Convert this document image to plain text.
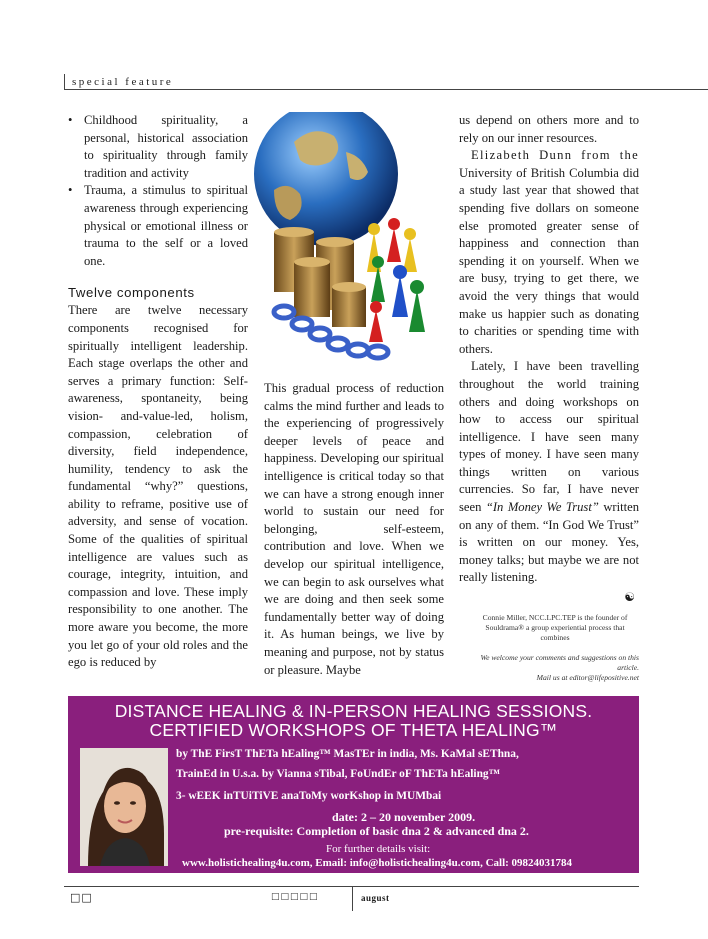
special feature
• Childhood spirituality, a personal, historical association to spirituality through family tradition and activity
• Trauma, a stimulus to spiritual awareness through experiencing physical or emotional illness or trauma to the self or a loved one.
Twelve components

There are twelve necessary components recognised for spiritually intelligent leadership. Each stage overlaps the other and serves a primary function: Self-awareness, spontaneity, being vision- and-value-led, holism, compassion, celebration of diversity, field independence, humility, tendency to ask the fundamental “why?” questions, ability to reframe, positive use of adversity, and sense of vocation. Some of the qualities of spiritual intelligence are values such as courage, integrity, intuition, and compassion and love. These imply responsibility to one another. The more aware you become, the more you let go of your old roles and the ego is reduced by

This gradual process of reduction calms the mind further and leads to the experiencing of progressively deeper levels of peace and happiness. Developing our spiritual intelligence is critical today so that we can have a strong enough inner world to sustain our need for belonging, self-esteem, contribution and love. When we develop our spiritual intelligence, we can begin to ask ourselves what we are doing and then seek some fundamentally better way of doing it. As human beings, we live by meaning and purpose, not by status or pleasure. Maybe

us depend on others more and to rely on our inner resources.

Elizabeth Dunn from the University of British Columbia did a study last year that showed that spending five dollars on someone else promoted greater sense of happiness and connection than spending it on yourself. When we are busy, trying to get there, we avoid the very things that would make us happier such as donating to charities or spending time with others.

Lately, I have been travelling throughout the world training others and doing workshops on how to access our spiritual intelligence. I have seen many types of money. I have seen many things written on various currencies. So far, I have never seen “In Money We Trust” written on any of them. “In God We Trust” is written on our money. Yes, money talks; but maybe we are not really listening.

☯
Connie Miller, NCC.LPC.TEP is the founder of Souldrama® a group experiential process that combines
We welcome your comments and suggestions on this article.
Mail us at editor@lifepositive.net
DISTANCE HEALING & IN-PERSON HEALING SESSIONS.
CERTIFIED WORKSHOPS OF THETA HEALING™
by ThE FirsT ThETa hEaling™ MasTEr in india, Ms. KaMal sEThna,
TrainEd in U.s.a. by Vianna sTibal, FoUndEr oF ThETa hEaling™
3- wEEK inTUiTiVE anaToMy worKshop in MUMbai
date: 2 – 20 november 2009.
pre-requisite: Completion of basic dna 2 & advanced dna 2.
For further details visit:
www.holistichealing4u.com, Email: info@holistichealing4u.com, Call: 09824031784
□□	□□□□□	august
